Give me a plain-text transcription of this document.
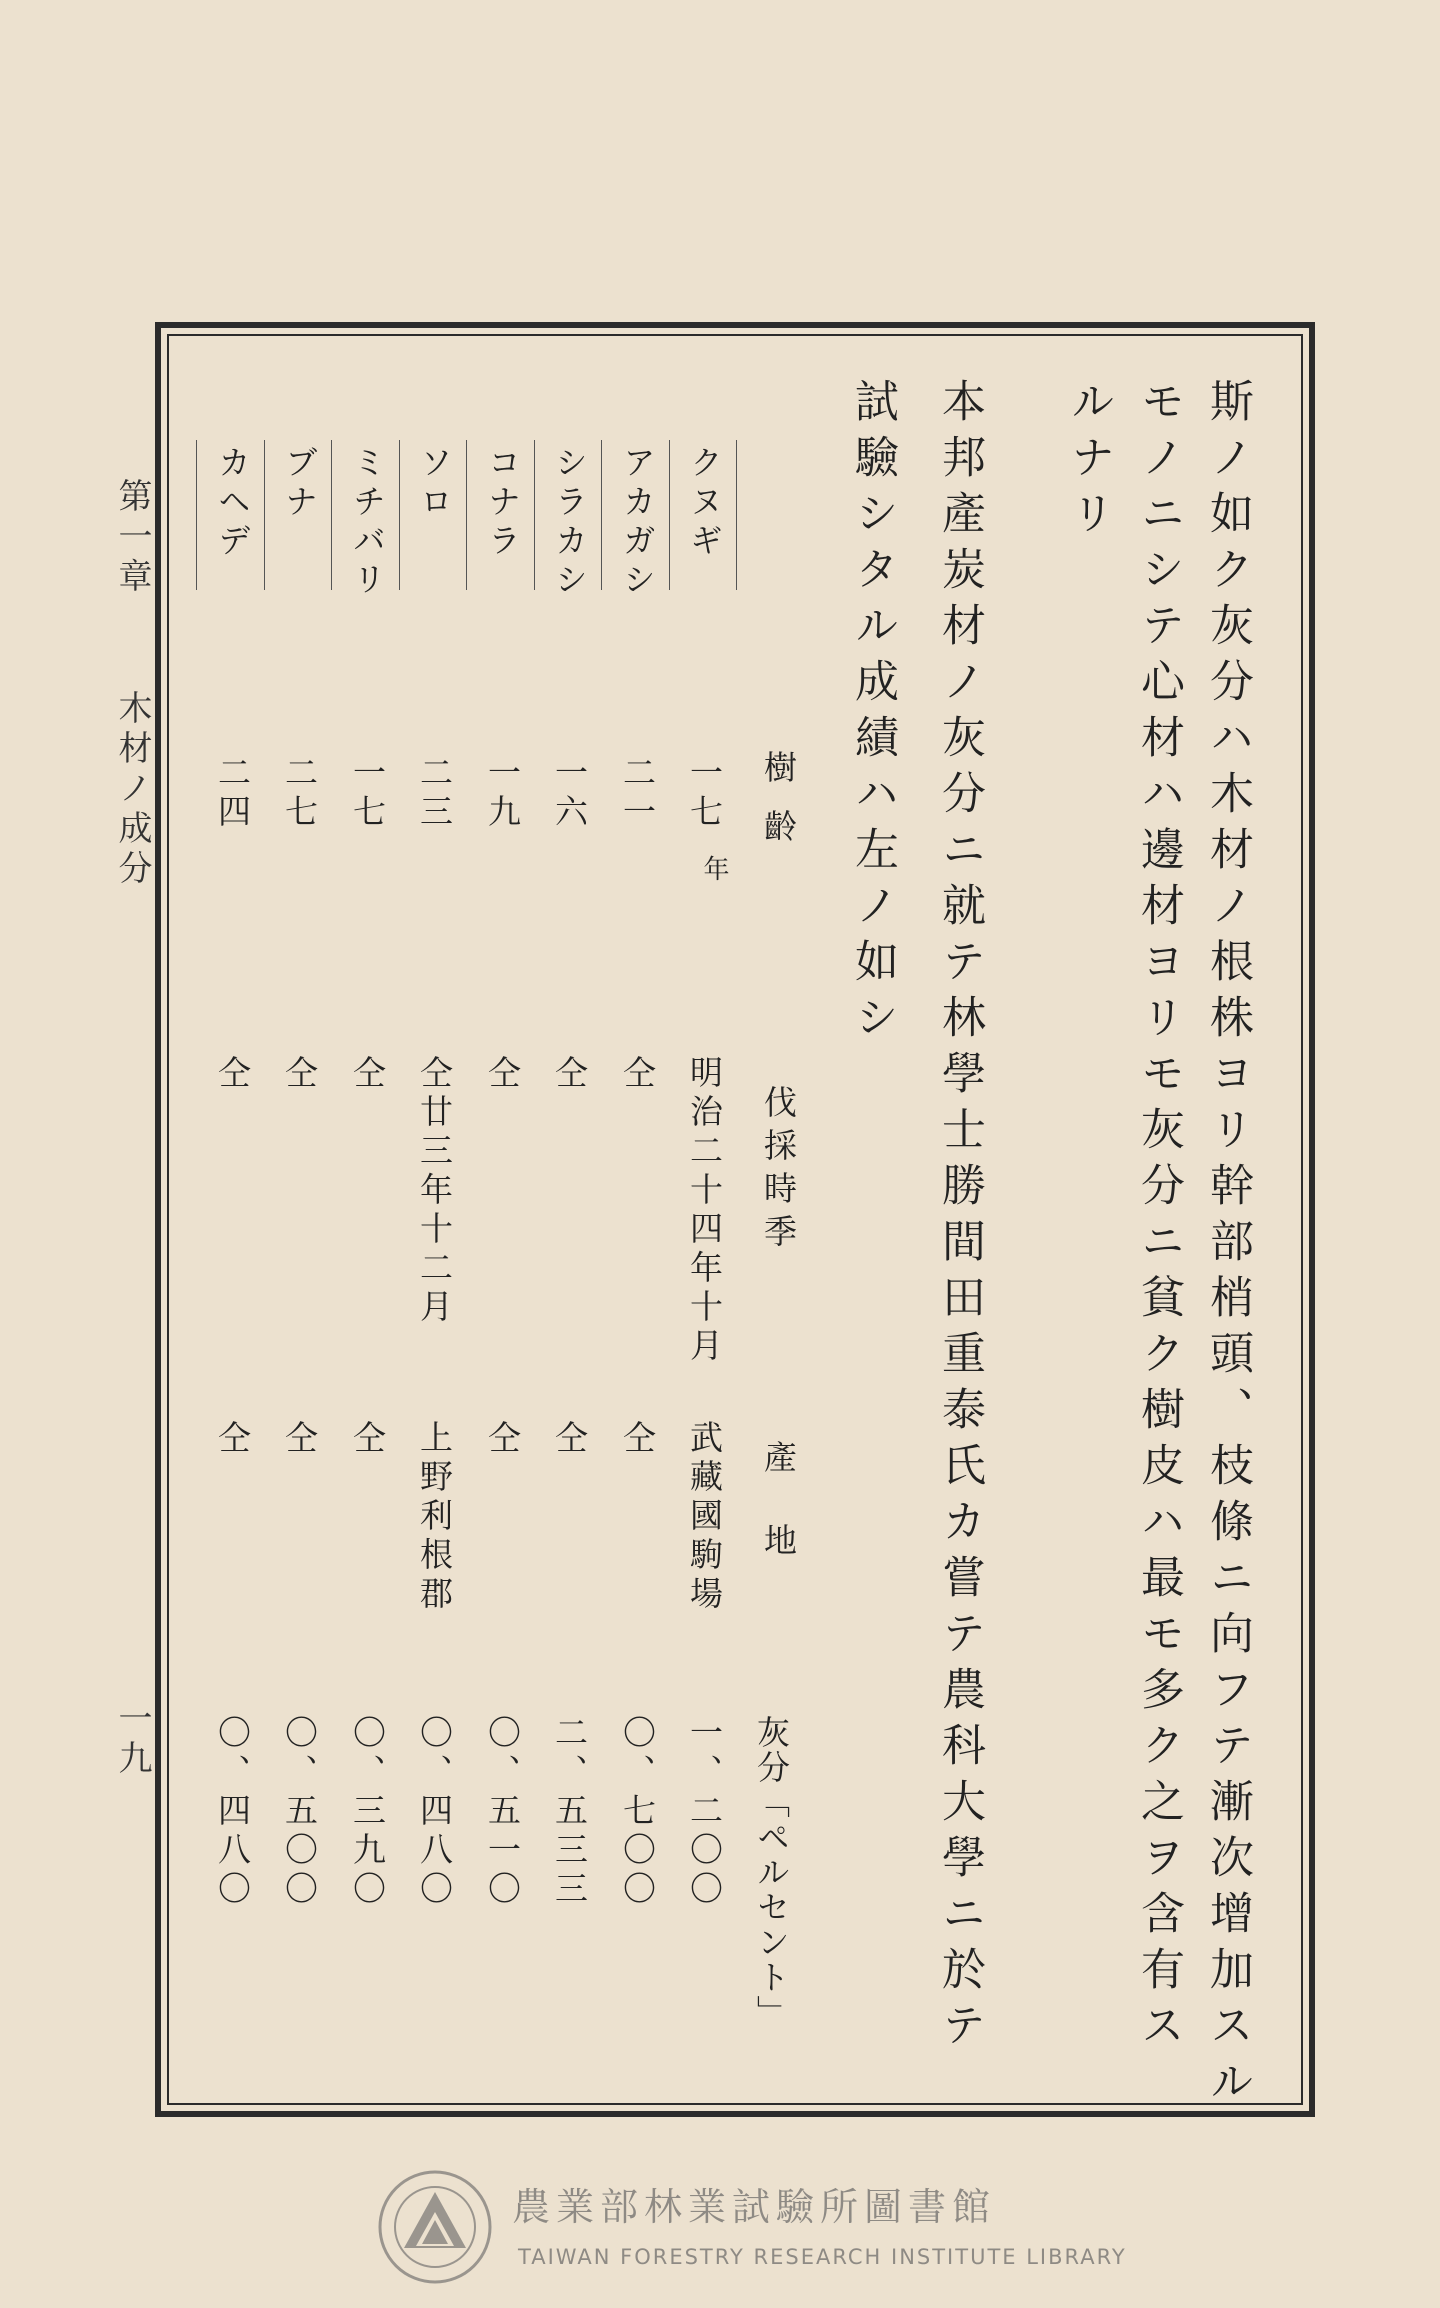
第一章
木材ノ成分
一九	斯ノ如ク灰分ハ木材ノ根株ヨリ幹部梢頭、枝條ニ向フテ漸次增加スル
モノニシテ心材ハ邊材ヨリモ灰分ニ貧ク樹皮ハ最モ多ク之ヲ含有ス
ルナリ
本邦產炭材ノ灰分ニ就テ林學士勝間田重泰氏カ嘗テ農科大學ニ於テ
試驗シタル成績ハ左ノ如シ
樹齡
伐採時季
產地
灰分「ペルセント」
クヌギ
一七
明治二十四年十月
武藏國駒場
一、二〇〇
年
アカガシ
二一
仝
仝
〇、七〇〇
シラカシ
一六
仝
仝
二、五三三
コナラ
一九
仝
仝
〇、五一〇
ソロ
二三
仝廿三年十二月
上野利根郡
〇、四八〇
ミチバリ
一七
仝
仝
〇、三九〇
ブナ
二七
仝
仝
〇、五〇〇
カヘデ
二四
仝
仝
〇、四八〇
農業部林業試驗所圖書館
TAIWAN FORESTRY RESEARCH INSTITUTE LIBRARY
